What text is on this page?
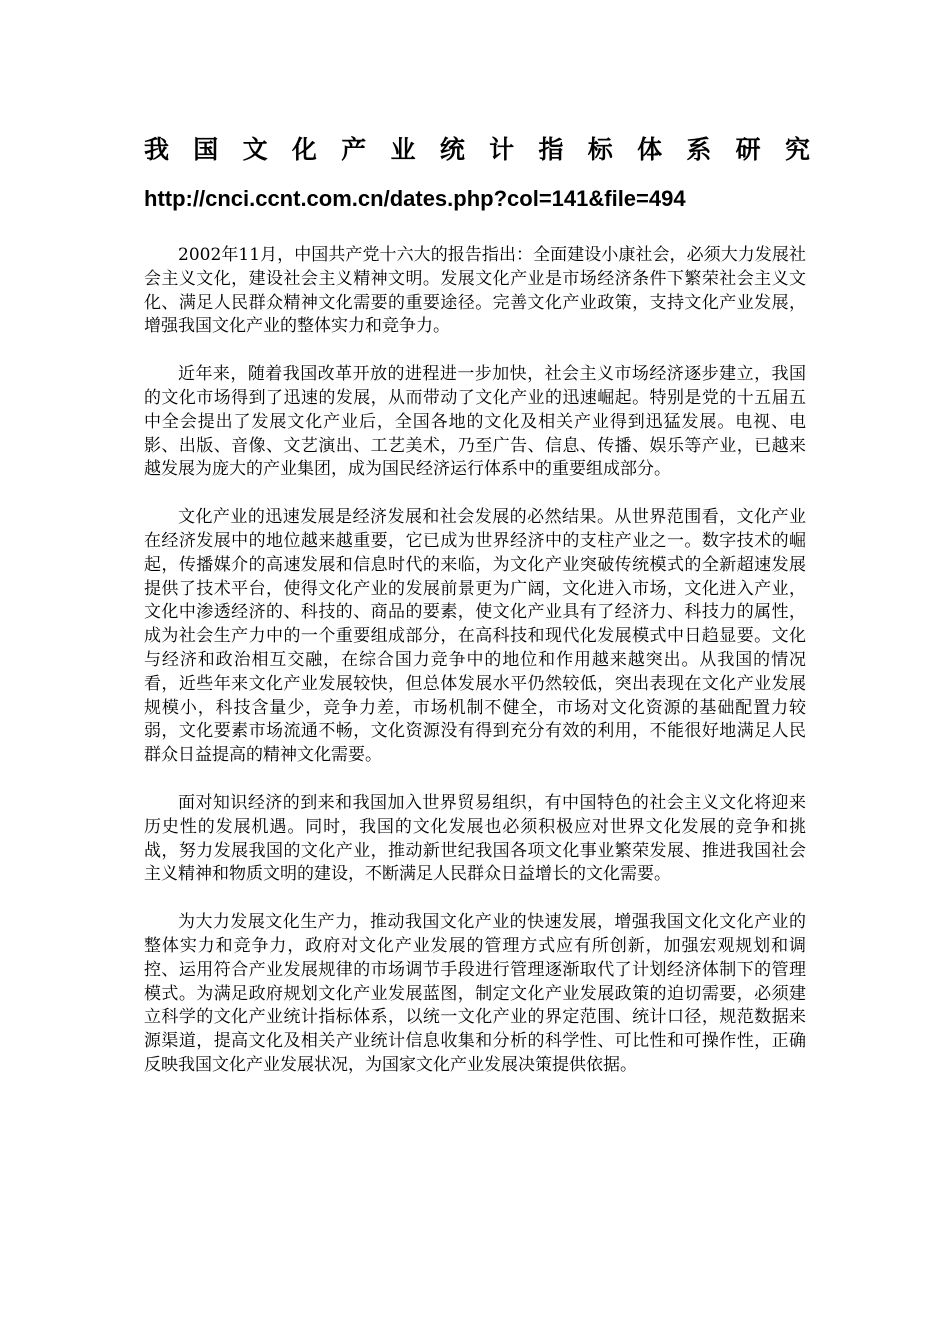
我国文化产业统计指标体系研究
http://cnci.ccnt.com.cn/dates.php?col=141&file=494

2002年11月，中国共产党十六大的报告指出：全面建设小康社会，必须大力发展社会主义文化，建设社会主义精神文明。发展文化产业是市场经济条件下繁荣社会主义文化、满足人民群众精神文化需要的重要途径。完善文化产业政策，支持文化产业发展，增强我国文化产业的整体实力和竞争力。

近年来，随着我国改革开放的进程进一步加快，社会主义市场经济逐步建立，我国的文化市场得到了迅速的发展，从而带动了文化产业的迅速崛起。特别是党的十五届五中全会提出了发展文化产业后，全国各地的文化及相关产业得到迅猛发展。电视、电影、出版、音像、文艺演出、工艺美术，乃至广告、信息、传播、娱乐等产业，已越来越发展为庞大的产业集团，成为国民经济运行体系中的重要组成部分。

文化产业的迅速发展是经济发展和社会发展的必然结果。从世界范围看，文化产业在经济发展中的地位越来越重要，它已成为世界经济中的支柱产业之一。数字技术的崛起，传播媒介的高速发展和信息时代的来临，为文化产业突破传统模式的全新超速发展提供了技术平台，使得文化产业的发展前景更为广阔，文化进入市场，文化进入产业，文化中渗透经济的、科技的、商品的要素，使文化产业具有了经济力、科技力的属性，成为社会生产力中的一个重要组成部分，在高科技和现代化发展模式中日趋显要。文化与经济和政治相互交融，在综合国力竞争中的地位和作用越来越突出。从我国的情况看，近些年来文化产业发展较快，但总体发展水平仍然较低，突出表现在文化产业发展规模小，科技含量少，竞争力差，市场机制不健全，市场对文化资源的基础配置力较弱，文化要素市场流通不畅，文化资源没有得到充分有效的利用，不能很好地满足人民群众日益提高的精神文化需要。

面对知识经济的到来和我国加入世界贸易组织，有中国特色的社会主义文化将迎来历史性的发展机遇。同时，我国的文化发展也必须积极应对世界文化发展的竞争和挑战，努力发展我国的文化产业，推动新世纪我国各项文化事业繁荣发展、推进我国社会主义精神和物质文明的建设，不断满足人民群众日益增长的文化需要。

为大力发展文化生产力，推动我国文化产业的快速发展，增强我国文化文化产业的整体实力和竞争力，政府对文化产业发展的管理方式应有所创新，加强宏观规划和调控、运用符合产业发展规律的市场调节手段进行管理逐渐取代了计划经济体制下的管理模式。为满足政府规划文化产业发展蓝图，制定文化产业发展政策的迫切需要，必须建立科学的文化产业统计指标体系，以统一文化产业的界定范围、统计口径，规范数据来源渠道，提高文化及相关产业统计信息收集和分析的科学性、可比性和可操作性，正确反映我国文化产业发展状况，为国家文化产业发展决策提供依据。
